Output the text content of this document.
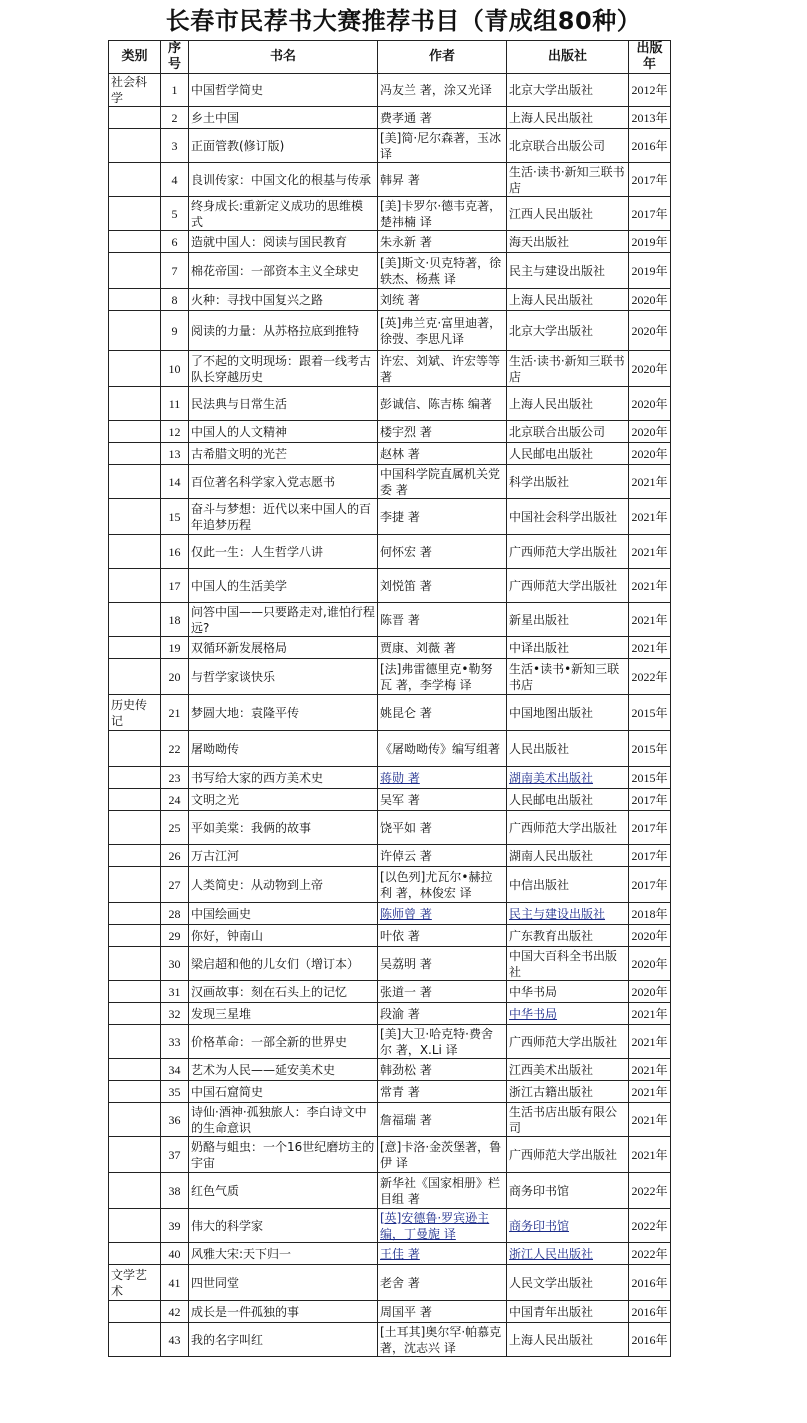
长春市民荐书大赛推荐书目（青成组80种）
类别	序号	书名	作者	出版社	出版年
社会科学	1	中国哲学简史	冯友兰 著，涂又光译	北京大学出版社	2012年
	2	乡土中国	费孝通 著	上海人民出版社	2013年
	3	正面管教(修订版)	[美]简·尼尔森著，玉冰 译	北京联合出版公司	2016年
	4	良训传家：中国文化的根基与传承	韩昇 著	生活·读书·新知三联书店	2017年
	5	终身成长:重新定义成功的思维模式	[美]卡罗尔·德韦克著，楚祎楠 译	江西人民出版社	2017年
	6	造就中国人：阅读与国民教育	朱永新 著	海天出版社	2019年
	7	棉花帝国：一部资本主义全球史	[美]斯文·贝克特著，徐轶杰、杨燕 译	民主与建设出版社	2019年
	8	火种：寻找中国复兴之路	刘统 著	上海人民出版社	2020年
	9	阅读的力量：从苏格拉底到推特	[英]弗兰克·富里迪著，徐弢、李思凡译	北京大学出版社	2020年
	10	了不起的文明现场：跟着一线考古队长穿越历史	许宏、刘斌、许宏等等 著	生活·读书·新知三联书店	2020年
	11	民法典与日常生活	彭诚信、陈吉栋 编著	上海人民出版社	2020年
	12	中国人的人文精神	楼宇烈 著	北京联合出版公司	2020年
	13	古希腊文明的光芒	赵林 著	人民邮电出版社	2020年
	14	百位著名科学家入党志愿书	中国科学院直属机关党委 著	科学出版社	2021年
	15	奋斗与梦想：近代以来中国人的百年追梦历程	李捷 著	中国社会科学出版社	2021年
	16	仅此一生：人生哲学八讲	何怀宏 著	广西师范大学出版社	2021年
	17	中国人的生活美学	刘悦笛 著	广西师范大学出版社	2021年
	18	问答中国——只要路走对,谁怕行程远?	陈晋 著	新星出版社	2021年
	19	双循环新发展格局	贾康、刘薇 著	中译出版社	2021年
	20	与哲学家谈快乐	[法]弗雷德里克•勒努瓦 著，李学梅 译	生活•读书•新知三联书店	2022年
历史传记	21	梦圆大地：袁隆平传	姚昆仑 著	中国地图出版社	2015年
	22	屠呦呦传	《屠呦呦传》编写组著	人民出版社	2015年
	23	书写给大家的西方美术史	蒋勋 著	湖南美术出版社	2015年
	24	文明之光	吴军 著	人民邮电出版社	2017年
	25	平如美棠：我俩的故事	饶平如 著	广西师范大学出版社	2017年
	26	万古江河	许倬云 著	湖南人民出版社	2017年
	27	人类简史：从动物到上帝	[以色列]尤瓦尔•赫拉利 著，林俊宏 译	中信出版社	2017年
	28	中国绘画史	陈师曾 著	民主与建设出版社	2018年
	29	你好，钟南山	叶依 著	广东教育出版社	2020年
	30	梁启超和他的儿女们（增订本）	吴荔明 著	中国大百科全书出版社	2020年
	31	汉画故事：刻在石头上的记忆	张道一 著	中华书局	2020年
	32	发现三星堆	段渝 著	中华书局	2021年
	33	价格革命：一部全新的世界史	[美]大卫·哈克特·费舍尔 著，X.Li 译	广西师范大学出版社	2021年
	34	艺术为人民——延安美术史	韩劲松 著	江西美术出版社	2021年
	35	中国石窟简史	常青 著	浙江古籍出版社	2021年
	36	诗仙·酒神·孤独旅人：李白诗文中的生命意识	詹福瑞 著	生活书店出版有限公司	2021年
	37	奶酪与蛆虫：一个16世纪磨坊主的宇宙	[意]卡洛·金茨堡著，鲁伊 译	广西师范大学出版社	2021年
	38	红色气质	新华社《国家相册》栏目组 著	商务印书馆	2022年
	39	伟大的科学家	[英]安德鲁·罗宾逊主编，丁曼旎 译	商务印书馆	2022年
	40	风雅大宋:天下归一	王佳 著	浙江人民出版社	2022年
文学艺术	41	四世同堂	老舍 著	人民文学出版社	2016年
	42	成长是一件孤独的事	周国平 著	中国青年出版社	2016年
	43	我的名字叫红	[土耳其]奥尔罕·帕慕克 著，沈志兴 译	上海人民出版社	2016年
